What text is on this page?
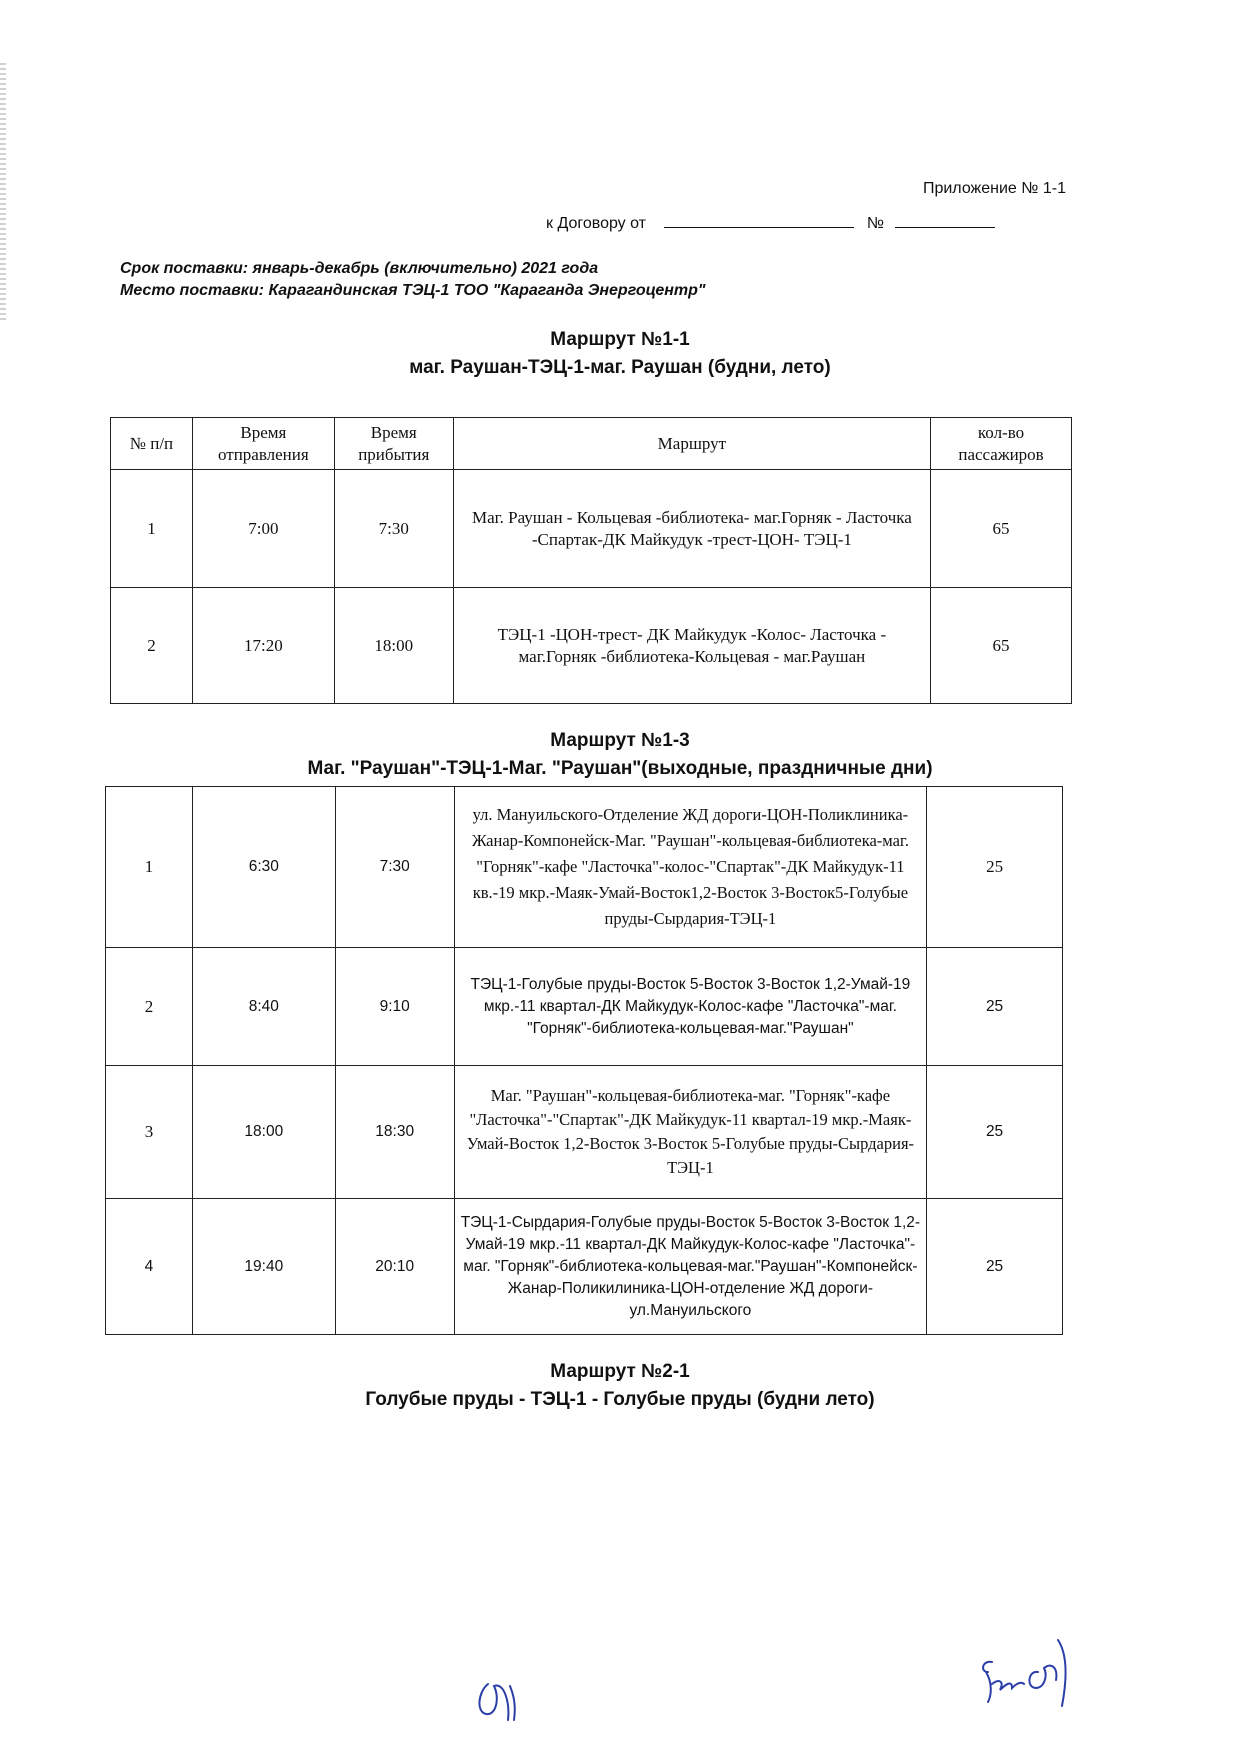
Приложение № 1-1
к Договору от	№
Срок поставки: январь-декабрь (включительно) 2021 года
Место поставки: Карагандинская ТЭЦ-1 ТОО "Караганда Энергоцентр"
Маршрут №1-1
маг. Раушан-ТЭЦ-1-маг. Раушан (будни, лето)
№ п/п	Время отправления	Время прибытия	Маршрут	кол-во пассажиров
1	7:00	7:30	Маг. Раушан - Кольцевая -библиотека- маг.Горняк - Ласточка -Спартак-ДК Майкудук -трест-ЦОН- ТЭЦ-1	65
2	17:20	18:00	ТЭЦ-1 -ЦОН-трест- ДК Майкудук -Колос- Ласточка - маг.Горняк -библиотека-Кольцевая - маг.Раушан	65
Маршрут №1-3
Маг. "Раушан"-ТЭЦ-1-Маг. "Раушан"(выходные, праздничные дни)
1	6:30	7:30	ул. Мануильского-Отделение ЖД дороги-ЦОН-Поликлиника-Жанар-Компонейск-Маг. "Раушан"-кольцевая-библиотека-маг. "Горняк"-кафе "Ласточка"-колос-"Спартак"-ДК Майкудук-11 кв.-19 мкр.-Маяк-Умай-Восток1,2-Восток 3-Восток5-Голубые пруды-Сырдария-ТЭЦ-1	25
2	8:40	9:10	ТЭЦ-1-Голубые пруды-Восток 5-Восток 3-Восток 1,2-Умай-19 мкр.-11 квартал-ДК Майкудук-Колос-кафе "Ласточка"-маг. "Горняк"-библиотека-кольцевая-маг."Раушан"	25
3	18:00	18:30	Маг. "Раушан"-кольцевая-библиотека-маг. "Горняк"-кафе "Ласточка"-"Спартак"-ДК Майкудук-11 квартал-19 мкр.-Маяк-Умай-Восток 1,2-Восток 3-Восток 5-Голубые пруды-Сырдария-ТЭЦ-1	25
4	19:40	20:10	ТЭЦ-1-Сырдария-Голубые пруды-Восток 5-Восток 3-Восток 1,2-Умай-19 мкр.-11 квартал-ДК Майкудук-Колос-кафе "Ласточка"-маг. "Горняк"-библиотека-кольцевая-маг."Раушан"-Компонейск-Жанар-Поликилиника-ЦОН-отделение ЖД дороги-ул.Мануильского	25
Маршрут №2-1
Голубые пруды - ТЭЦ-1 - Голубые пруды (будни лето)
